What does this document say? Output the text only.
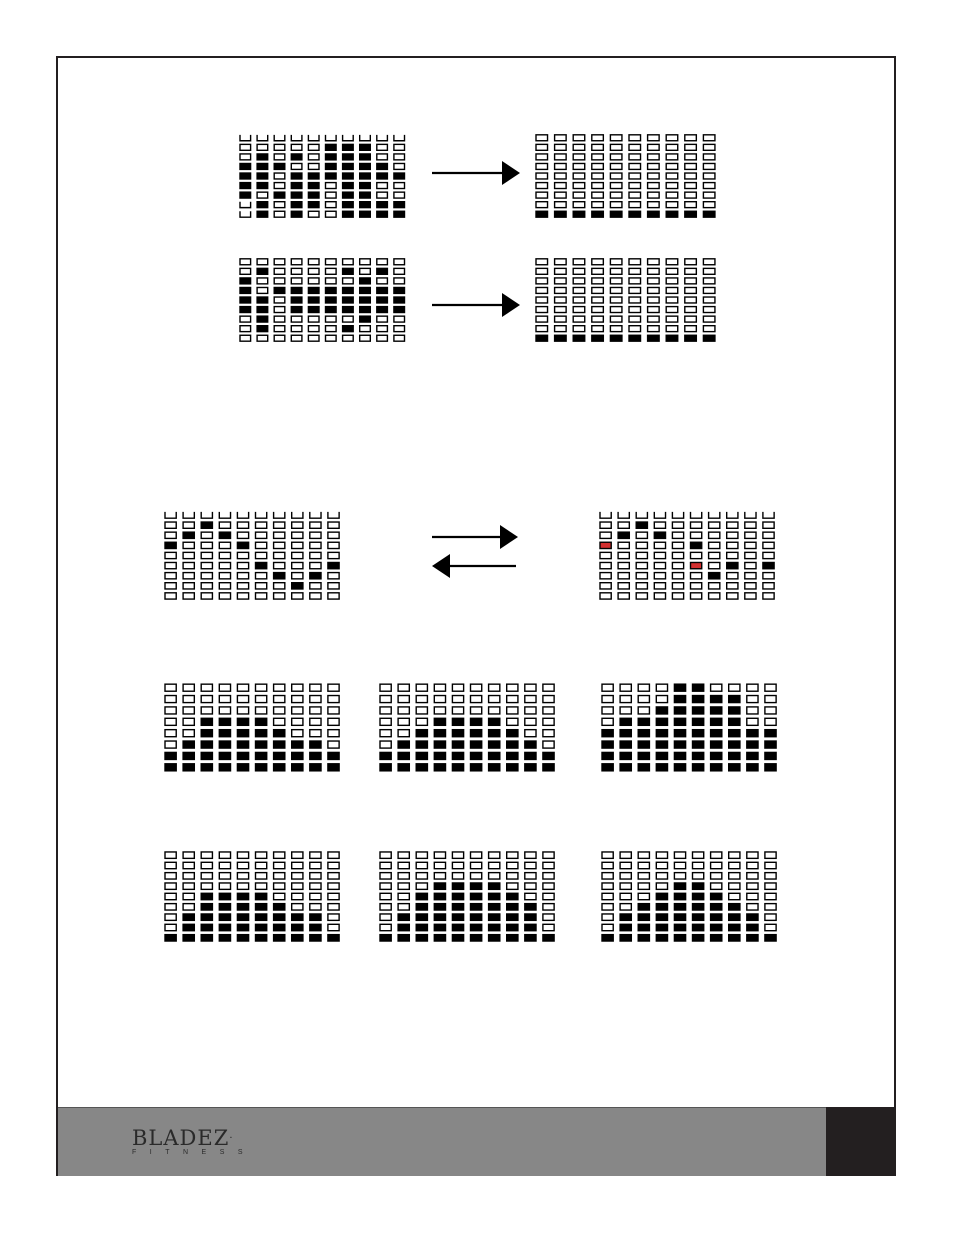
BLADEZ·
FITNESS
